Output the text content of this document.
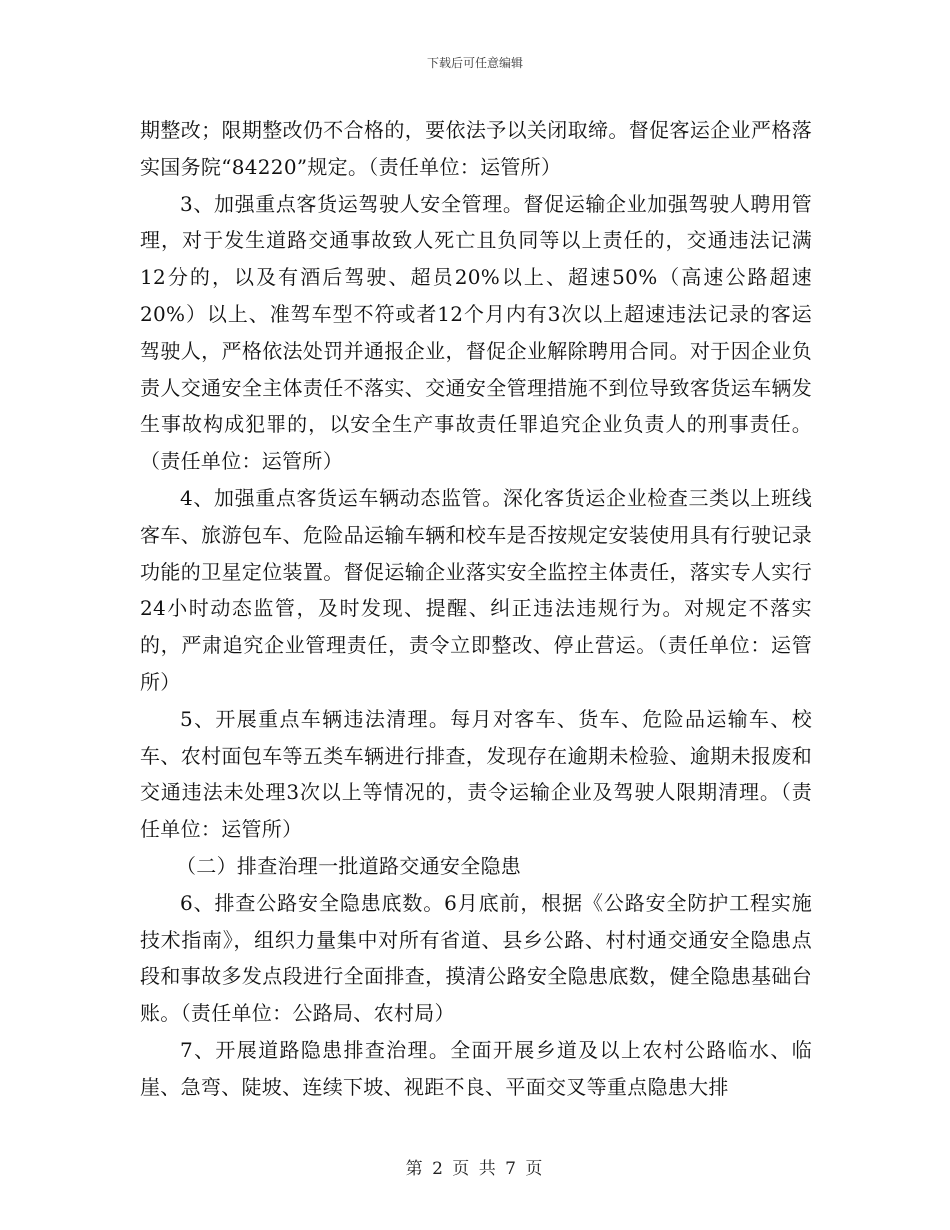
下载后可任意编辑

期整改；限期整改仍不合格的，要依法予以关闭取缔。督促客运企业严格落实国务院“84220”规定。（责任单位：运管所）

3、加强重点客货运驾驶人安全管理。督促运输企业加强驾驶人聘用管理，对于发生道路交通事故致人死亡且负同等以上责任的，交通违法记满12分的，以及有酒后驾驶、超员20%以上、超速50%（高速公路超速20%）以上、准驾车型不符或者12个月内有3次以上超速违法记录的客运驾驶人，严格依法处罚并通报企业，督促企业解除聘用合同。对于因企业负责人交通安全主体责任不落实、交通安全管理措施不到位导致客货运车辆发生事故构成犯罪的，以安全生产事故责任罪追究企业负责人的刑事责任。（责任单位：运管所）

4、加强重点客货运车辆动态监管。深化客货运企业检查三类以上班线客车、旅游包车、危险品运输车辆和校车是否按规定安装使用具有行驶记录功能的卫星定位装置。督促运输企业落实安全监控主体责任，落实专人实行24小时动态监管，及时发现、提醒、纠正违法违规行为。对规定不落实的，严肃追究企业管理责任，责令立即整改、停止营运。（责任单位：运管所）

5、开展重点车辆违法清理。每月对客车、货车、危险品运输车、校车、农村面包车等五类车辆进行排查，发现存在逾期未检验、逾期未报废和交通违法未处理3次以上等情况的，责令运输企业及驾驶人限期清理。（责任单位：运管所）

（二）排查治理一批道路交通安全隐患

6、排查公路安全隐患底数。6月底前，根据《公路安全防护工程实施技术指南》，组织力量集中对所有省道、县乡公路、村村通交通安全隐患点段和事故多发点段进行全面排查，摸清公路安全隐患底数，健全隐患基础台账。（责任单位：公路局、农村局）

7、开展道路隐患排查治理。全面开展乡道及以上农村公路临水、临崖、急弯、陡坡、连续下坡、视距不良、平面交叉等重点隐患大排

第 2 页 共 7 页
